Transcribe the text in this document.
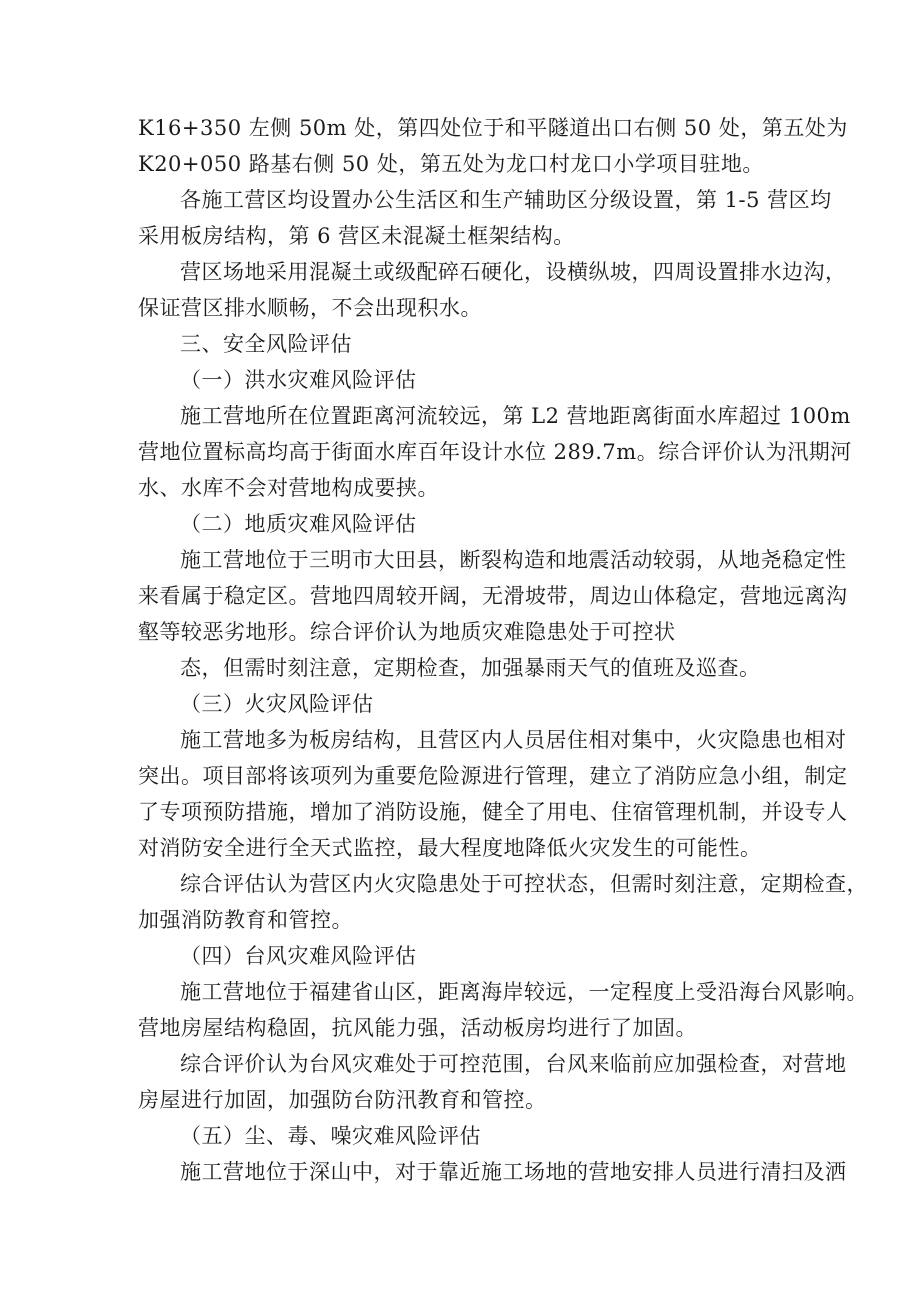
K16+350 左侧 50m 处，第四处位于和平隧道出口右侧 50 处，第五处为
K20+050 路基右侧 50 处，第五处为龙口村龙口小学项目驻地。
各施工营区均设置办公生活区和生产辅助区分级设置，第 1-5 营区均
采用板房结构，第 6 营区未混凝土框架结构。
营区场地采用混凝土或级配碎石硬化，设横纵坡，四周设置排水边沟，
保证营区排水顺畅，不会出现积水。
三、安全风险评估
（一）洪水灾难风险评估
施工营地所在位置距离河流较远，第 L2 营地距离街面水库超过 100m
营地位置标高均高于街面水库百年设计水位 289.7m。综合评价认为汛期河
水、水库不会对营地构成要挟。
（二）地质灾难风险评估
施工营地位于三明市大田县，断裂构造和地震活动较弱，从地尧稳定性
来看属于稳定区。营地四周较开阔，无滑坡带，周边山体稳定，营地远离沟
壑等较恶劣地形。综合评价认为地质灾难隐患处于可控状
态，但需时刻注意，定期检查，加强暴雨天气的值班及巡查。
（三）火灾风险评估
施工营地多为板房结构，且营区内人员居住相对集中，火灾隐患也相对
突出。项目部将该项列为重要危险源进行管理，建立了消防应急小组，制定
了专项预防措施，增加了消防设施，健全了用电、住宿管理机制，并设专人
对消防安全进行全天式监控，最大程度地降低火灾发生的可能性。
综合评估认为营区内火灾隐患处于可控状态，但需时刻注意，定期检查，
加强消防教育和管控。
（四）台风灾难风险评估
施工营地位于福建省山区，距离海岸较远，一定程度上受沿海台风影响。
营地房屋结构稳固，抗风能力强，活动板房均进行了加固。
综合评价认为台风灾难处于可控范围，台风来临前应加强检查，对营地
房屋进行加固，加强防台防汛教育和管控。
（五）尘、毒、噪灾难风险评估
施工营地位于深山中，对于靠近施工场地的营地安排人员进行清扫及洒
